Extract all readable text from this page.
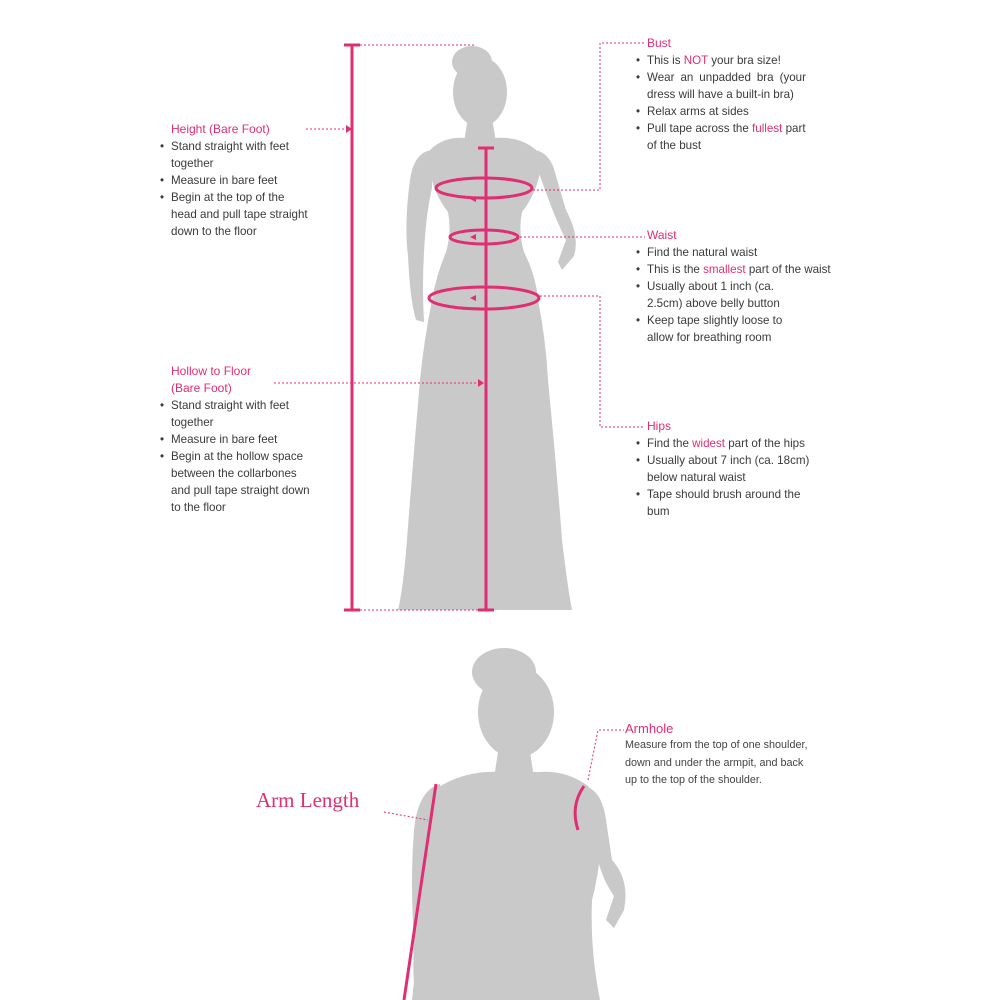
Height (Bare Foot)
• Stand straight with feet together
• Measure in bare feet
• Begin at the top of the head and pull tape straight down to the floor
Hollow to Floor
(Bare Foot)
• Stand straight with feet together
• Measure in bare feet
• Begin at the hollow space between the collarbones and pull tape straight down to the floor
Bust
• This is NOT your bra size!
• Wear an unpadded bra (your dress will have a built-in bra)
• Relax arms at sides
• Pull tape across the fullest part of the bust
Waist
• Find the natural waist
• This is the smallest part of the waist
• Usually about 1 inch (ca. 2.5cm) above belly button
• Keep tape slightly loose to allow for breathing room
Hips
• Find the widest part of the hips
• Usually about 7 inch (ca. 18cm) below natural waist
• Tape should brush around the bum
Armhole
Measure from the top of one shoulder, down and under the armpit, and back up to the top of the shoulder.
Arm Length
